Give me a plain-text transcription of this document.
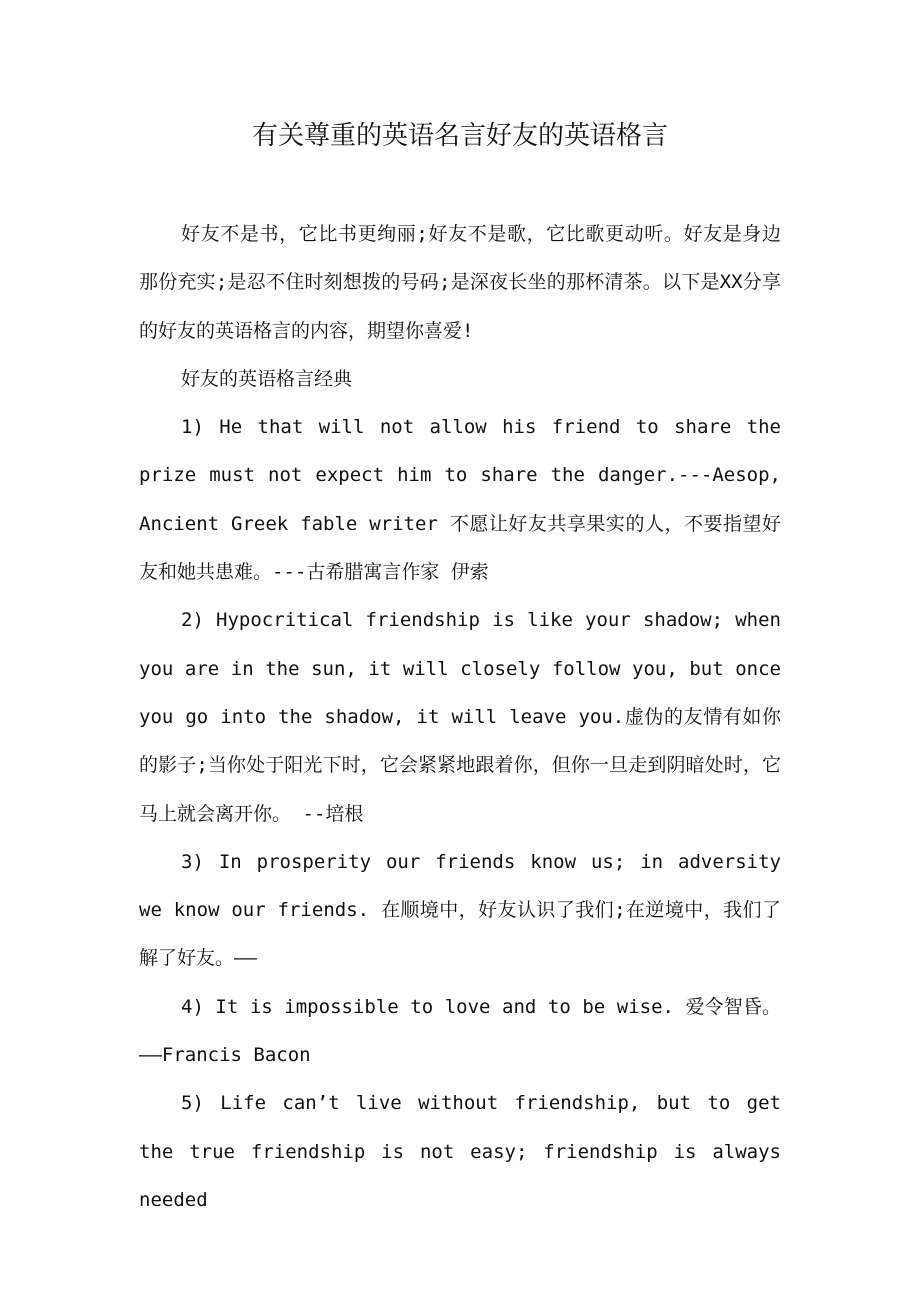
有关尊重的英语名言好友的英语格言

好友不是书，它比书更绚丽;好友不是歌，它比歌更动听。好友是身边那份充实;是忍不住时刻想拨的号码;是深夜长坐的那杯清茶。以下是XX分享的好友的英语格言的内容，期望你喜爱!

好友的英语格言经典

1) He that will not allow his friend to share the prize must not expect him to share the danger.---Aesop, Ancient Greek fable writer 不愿让好友共享果实的人，不要指望好友和她共患难。---古希腊寓言作家 伊索

2) Hypocritical friendship is like your shadow; when you are in the sun, it will closely follow you, but once you go into the shadow, it will leave you.虚伪的友情有如你的影子;当你处于阳光下时，它会紧紧地跟着你，但你一旦走到阴暗处时，它马上就会离开你。 --培根

3) In prosperity our friends know us; in adversity we know our friends. 在顺境中，好友认识了我们;在逆境中，我们了解了好友。——

4) It is impossible to love and to be wise. 爱令智昏。——Francis Bacon

5) Life can’t live without friendship, but to get the true friendship is not easy; friendship is always needed
